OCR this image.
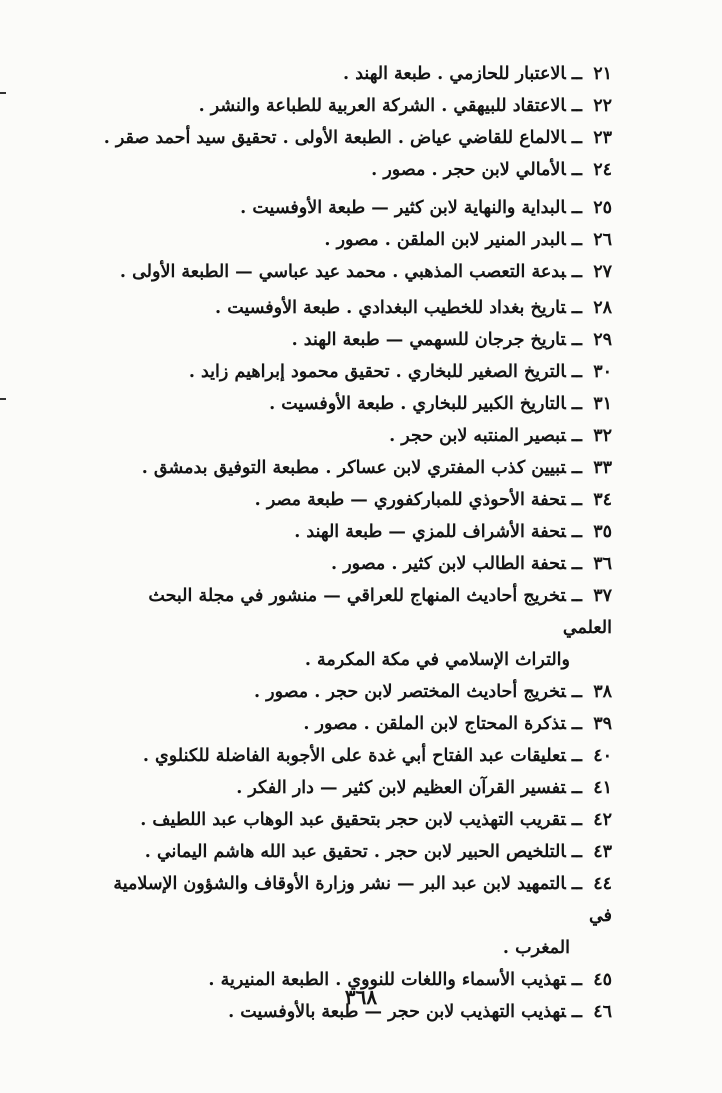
٢١ــالاعتبار للحازمي . طبعة الهند .
٢٢ــالاعتقاد للبيهقي . الشركة العربية للطباعة والنشر .
٢٣ــالالماع للقاضي عياض . الطبعة الأولى . تحقيق سيد أحمد صقر .
٢٤ــالأمالي لابن حجر . مصور .
٢٥ــالبداية والنهاية لابن كثير — طبعة الأوفسيت .
٢٦ــالبدر المنير لابن الملقن . مصور .
٢٧ــبدعة التعصب المذهبي . محمد عيد عباسي — الطبعة الأولى .
٢٨ــتاريخ بغداد للخطيب البغدادي . طبعة الأوفسيت .
٢٩ــتاريخ جرجان للسهمي — طبعة الهند .
٣٠ــالتريخ الصغير للبخاري . تحقيق محمود إبراهيم زايد .
٣١ــالتاريخ الكبير للبخاري . طبعة الأوفسيت .
٣٢ــتبصير المنتبه لابن حجر .
٣٣ــتبيين كذب المفتري لابن عساكر . مطبعة التوفيق بدمشق .
٣٤ــتحفة الأحوذي للمباركفوري — طبعة مصر .
٣٥ــتحفة الأشراف للمزي — طبعة الهند .
٣٦ــتحفة الطالب لابن كثير . مصور .
٣٧ــتخريج أحاديث المنهاج للعراقي — منشور في مجلة البحث العلمي
والتراث الإسلامي في مكة المكرمة .
٣٨ــتخريج أحاديث المختصر لابن حجر . مصور .
٣٩ــتذكرة المحتاج لابن الملقن . مصور .
٤٠ــتعليقات عبد الفتاح أبي غدة على الأجوبة الفاضلة للكنلوي .
٤١ــتفسير القرآن العظيم لابن كثير — دار الفكر .
٤٢ــتقريب التهذيب لابن حجر بتحقيق عبد الوهاب عبد اللطيف .
٤٣ــالتلخيص الحبير لابن حجر . تحقيق عبد الله هاشم اليماني .
٤٤ــالتمهيد لابن عبد البر — نشر وزارة الأوقاف والشؤون الإسلامية في
المغرب .
٤٥ــتهذيب الأسماء واللغات للنووي . الطبعة المنيرية .
٤٦ــتهذيب التهذيب لابن حجر — طبعة بالأوفسيت .
٣٦٨
